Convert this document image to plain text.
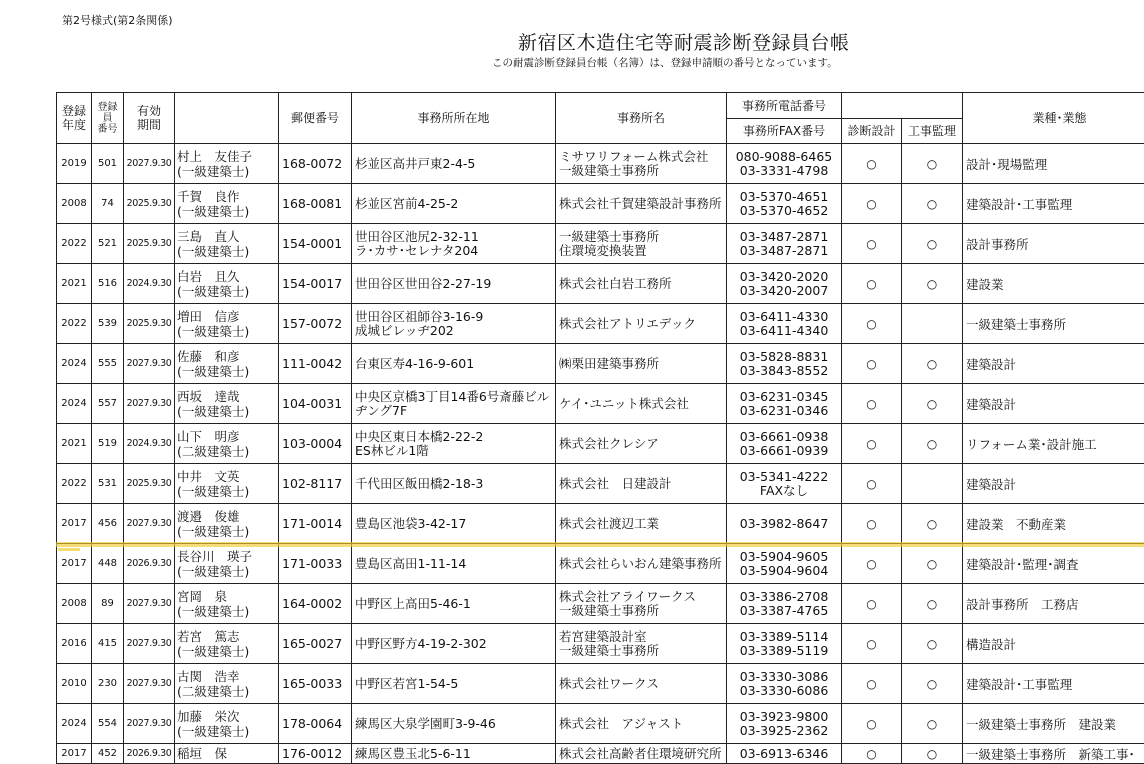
第2号様式(第2条関係)
新宿区木造住宅等耐震診断登録員台帳
この耐震診断登録員台帳（名簿）は、登録申請順の番号となっています。
登録
年度	登録
員
番号	有効
期間		郵便番号	事務所所在地	事務所名	事務所電話番号			業種･業態
							事務所FAX番号	診断設計	工事監理	
2019	501	2027.9.30	村上　友佳子
(一級建築士)	168-0072	杉並区高井戸東2-4-5	ミサワリフォーム株式会社
一級建築士事務所	080-9088-6465
03-3331-4798	○	○	設計･現場監理
2008	74	2025.9.30	千賀　良作
(一級建築士)	168-0081	杉並区宮前4-25-2	株式会社千賀建築設計事務所	03-5370-4651
03-5370-4652	○	○	建築設計･工事監理
2022	521	2025.9.30	三島　直人
(一級建築士)	154-0001	世田谷区池尻2-32-11
ラ･カサ･セレナタ204	一級建築士事務所
住環境変換装置	03-3487-2871
03-3487-2871	○	○	設計事務所
2021	516	2024.9.30	白岩　且久
(一級建築士)	154-0017	世田谷区世田谷2-27-19	株式会社白岩工務所	03-3420-2020
03-3420-2007	○	○	建設業
2022	539	2025.9.30	増田　信彦
(一級建築士)	157-0072	世田谷区祖師谷3-16-9
成城ビレッヂ202	株式会社アトリエデック	03-6411-4330
03-6411-4340	○		一級建築士事務所
2024	555	2027.9.30	佐藤　和彦
(一級建築士)	111-0042	台東区寿4-16-9-601	㈱栗田建築事務所	03-5828-8831
03-3843-8552	○	○	建築設計
2024	557	2027.9.30	西坂　達哉
(一級建築士)	104-0031	中央区京橋3丁目14番6号斎藤ビル
ヂング7F	ケイ･ユニット株式会社	03-6231-0345
03-6231-0346	○	○	建築設計
2021	519	2024.9.30	山下　明彦
(二級建築士)	103-0004	中央区東日本橋2-22-2
ES林ビル1階	株式会社クレシア	03-6661-0938
03-6661-0939	○	○	リフォーム業･設計施工
2022	531	2025.9.30	中井　文英
(一級建築士)	102-8117	千代田区飯田橋2-18-3	株式会社　日建設計	03-5341-4222
FAXなし	○		建築設計
2017	456	2027.9.30	渡邉　俊雄
(一級建築士)	171-0014	豊島区池袋3-42-17	株式会社渡辺工業	03-3982-8647	○	○	建設業　不動産業
2017	448	2026.9.30	長谷川　瑛子
(一級建築士)	171-0033	豊島区高田1-11-14	株式会社らいおん建築事務所	03-5904-9605
03-5904-9604	○	○	建築設計･監理･調査
2008	89	2027.9.30	宮岡　泉
(一級建築士)	164-0002	中野区上高田5-46-1	株式会社アライワークス
一級建築士事務所	03-3386-2708
03-3387-4765	○	○	設計事務所　工務店
2016	415	2027.9.30	若宮　篤志
(一級建築士)	165-0027	中野区野方4-19-2-302	若宮建築設計室
一級建築士事務所	03-3389-5114
03-3389-5119	○	○	構造設計
2010	230	2027.9.30	古関　浩幸
(二級建築士)	165-0033	中野区若宮1-54-5	株式会社ワークス	03-3330-3086
03-3330-6086	○	○	建築設計･工事監理
2024	554	2027.9.30	加藤　栄次
(一級建築士)	178-0064	練馬区大泉学園町3-9-46	株式会社　アジャスト	03-3923-9800
03-3925-2362	○	○	一級建築士事務所　建設業
2017	452	2026.9.30	稲垣　保	176-0012	練馬区豊玉北5-6-11	株式会社高齢者住環境研究所	03-6913-6346	○	○	一級建築士事務所　新築工事･
